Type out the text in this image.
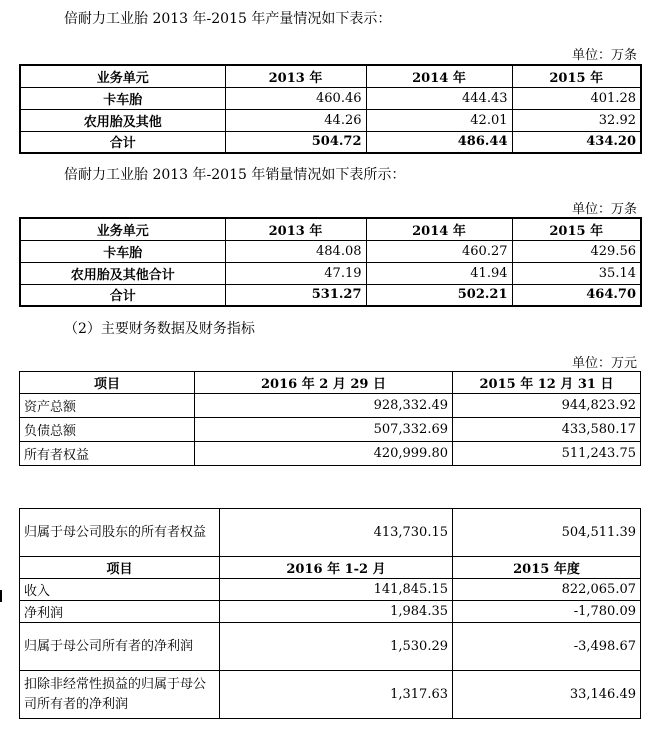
倍耐力工业胎 2013 年-2015 年产量情况如下表示：
单位：万条
业务单元	2013 年	2014 年	2015 年
卡车胎	460.46	444.43	401.28
农用胎及其他	44.26	42.01	32.92
合计	504.72	486.44	434.20
倍耐力工业胎 2013 年-2015 年销量情况如下表所示：
单位：万条
业务单元	2013 年	2014 年	2015 年
卡车胎	484.08	460.27	429.56
农用胎及其他合计	47.19	41.94	35.14
合计	531.27	502.21	464.70
（2）主要财务数据及财务指标
单位：万元
项目	2016 年 2 月 29 日	2015 年 12 月 31 日
资产总额	928,332.49	944,823.92
负债总额	507,332.69	433,580.17
所有者权益	420,999.80	511,243.75
归属于母公司股东的所有者权益	413,730.15	504,511.39
项目	2016 年 1-2 月	2015 年度
收入	141,845.15	822,065.07
净利润	1,984.35	-1,780.09
归属于母公司所有者的净利润	1,530.29	-3,498.67
扣除非经常性损益的归属于母公司所有者的净利润	1,317.63	33,146.49
